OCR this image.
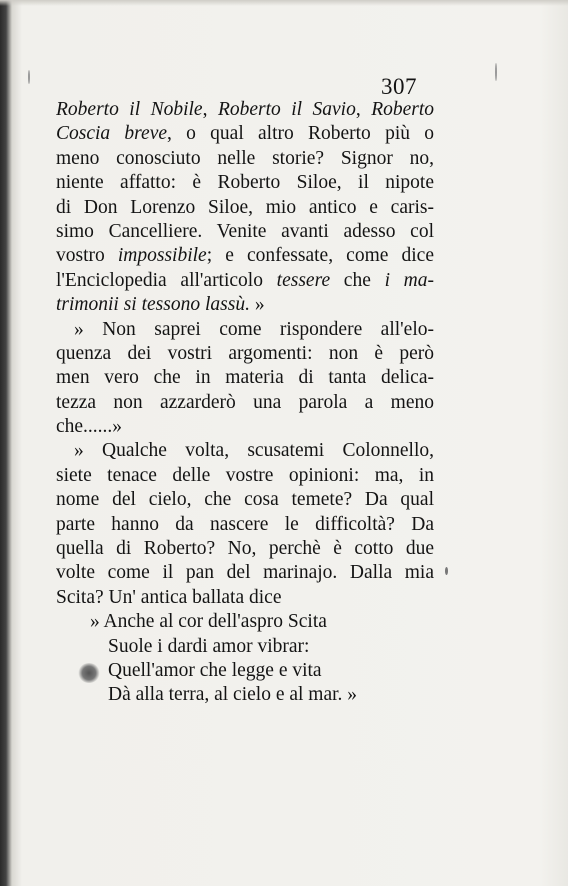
307
Roberto il Nobile, Roberto il Savio, Roberto
Coscia breve, o qual altro Roberto più o
meno conosciuto nelle storie? Signor no,
niente affatto: è Roberto Siloe, il nipote
di Don Lorenzo Siloe, mio antico e caris-
simo Cancelliere. Venite avanti adesso col
vostro impossibile; e confessate, come dice
l'Enciclopedia all'articolo tessere che i ma-
trimonii si tessono lassù. »
» Non saprei come rispondere all'elo-
quenza dei vostri argomenti: non è però
men vero che in materia di tanta delica-
tezza non azzarderò una parola a meno
che......»
» Qualche volta, scusatemi Colonnello,
siete tenace delle vostre opinioni: ma, in
nome del cielo, che cosa temete? Da qual
parte hanno da nascere le difficoltà? Da
quella di Roberto? No, perchè è cotto due
volte come il pan del marinajo. Dalla mia
Scita? Un' antica ballata dice
» Anche al cor dell'aspro Scita
Suole i dardi amor vibrar:
Quell'amor che legge e vita
Dà alla terra, al cielo e al mar. »
